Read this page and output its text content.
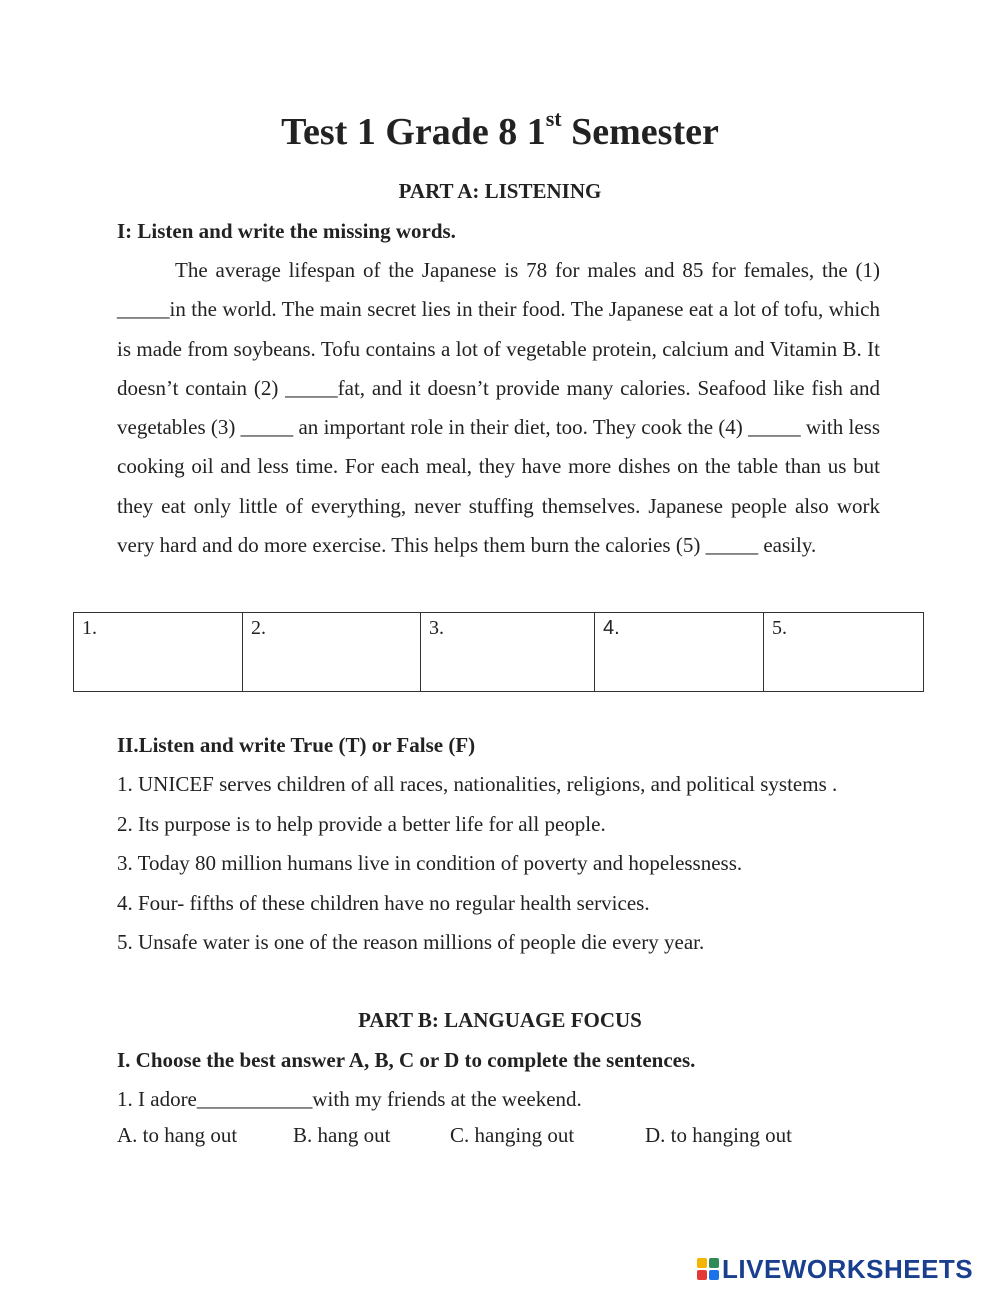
Test 1 Grade 8 1st Semester
PART A: LISTENING
I: Listen and write the missing words.
The average lifespan of the Japanese is 78 for males and 85 for females, the (1) _____in the world. The main secret lies in their food. The Japanese eat a lot of tofu, which is made from soybeans. Tofu contains a lot of vegetable protein, calcium and Vitamin B. It doesn’t contain (2) _____fat, and it doesn’t provide many calories. Seafood like fish and vegetables (3) _____ an important role in their diet, too. They cook the (4) _____ with less cooking oil and less time. For each meal, they have more dishes on the table than us but they eat only little of everything, never stuffing themselves. Japanese people also work very hard and do more exercise. This helps them burn the calories (5) _____ easily.
1.	2.	3.	4.	5.
II.Listen and write True (T) or False (F)
1. UNICEF serves children of all races, nationalities, religions, and political systems .
2. Its purpose is to help provide a better life for all people.
3. Today 80 million humans live in condition of poverty and hopelessness.
4. Four- fifths of these children have no regular health services.
5. Unsafe water is one of the reason millions of people die every year.
PART B: LANGUAGE FOCUS
I. Choose the best answer A, B, C or D to complete the sentences.
1. I adore___________with my friends at the weekend.
A. to hang out	B. hang out	C. hanging out	D. to hanging out
LIVEWORKSHEETS
